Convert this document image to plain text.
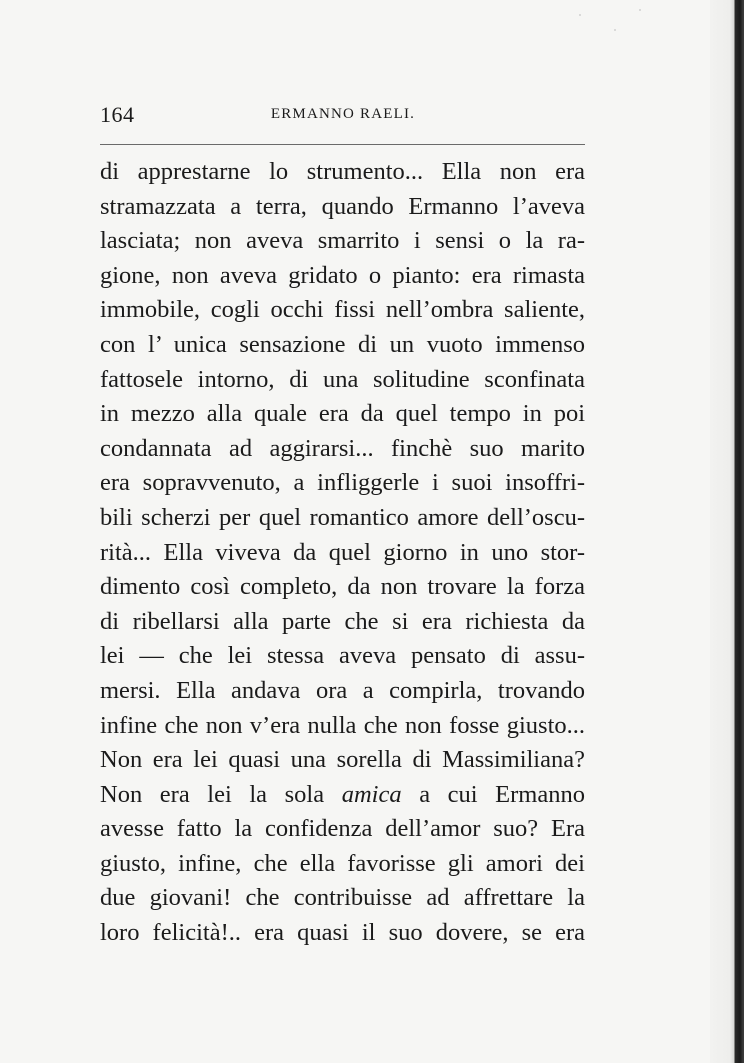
164	ERMANNO RAELI.
di apprestarne lo strumento... Ella non era
stramazzata a terra, quando Ermanno l’aveva
lasciata; non aveva smarrito i sensi o la ra-
gione, non aveva gridato o pianto: era rimasta
immobile, cogli occhi fissi nell’ombra saliente,
con l’ unica sensazione di un vuoto immenso
fattosele intorno, di una solitudine sconfinata
in mezzo alla quale era da quel tempo in poi
condannata ad aggirarsi... finchè suo marito
era sopravvenuto, a infliggerle i suoi insoffri-
bili scherzi per quel romantico amore dell’oscu-
rità... Ella viveva da quel giorno in uno stor-
dimento così completo, da non trovare la forza
di ribellarsi alla parte che si era richiesta da
lei — che lei stessa aveva pensato di assu-
mersi. Ella andava ora a compirla, trovando
infine che non v’era nulla che non fosse giusto...
Non era lei quasi una sorella di Massimiliana?
Non era lei la sola amica a cui Ermanno
avesse fatto la confidenza dell’amor suo? Era
giusto, infine, che ella favorisse gli amori dei
due giovani! che contribuisse ad affrettare la
loro felicità!.. era quasi il suo dovere, se era
